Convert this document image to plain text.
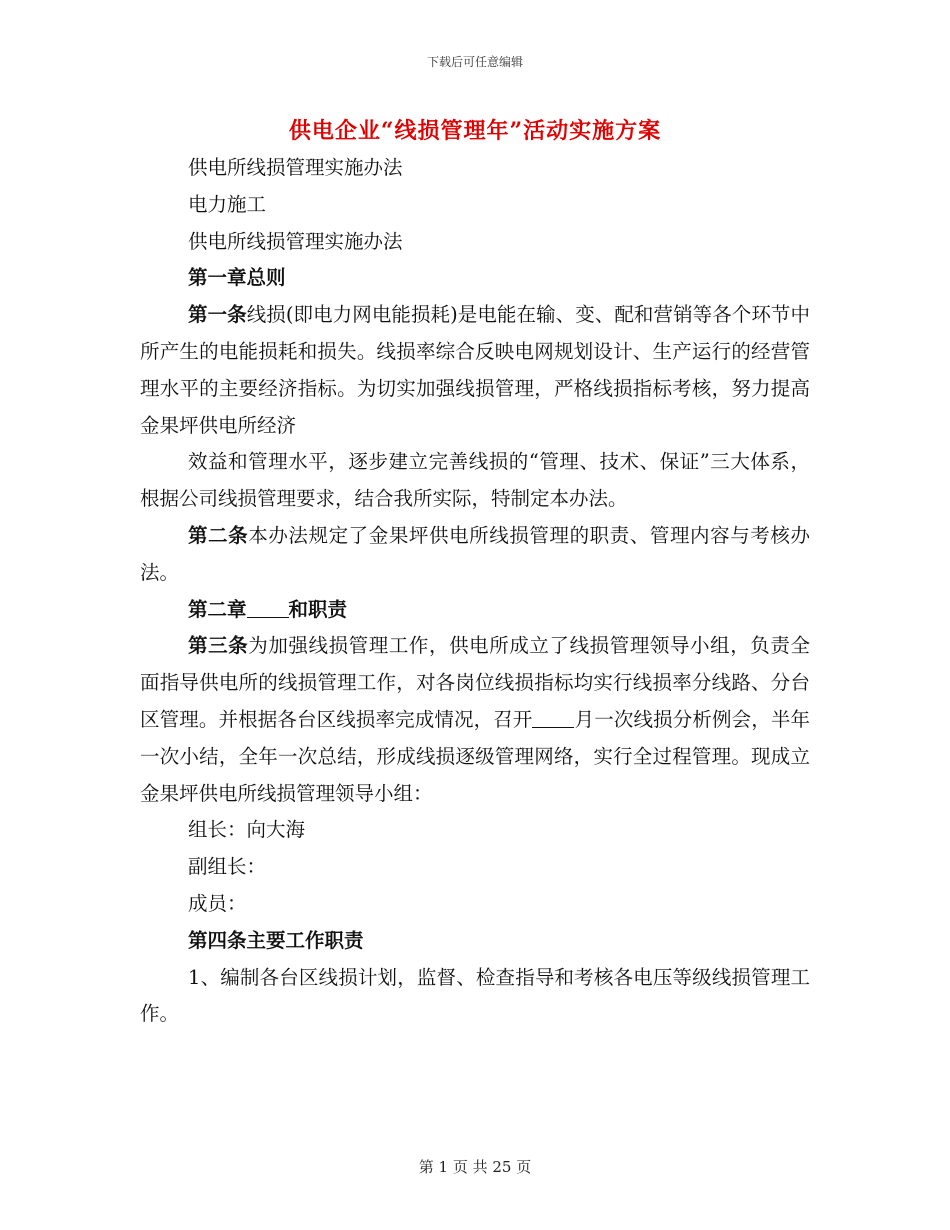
下载后可任意编辑
供电企业“线损管理年”活动实施方案

供电所线损管理实施办法

电力施工

供电所线损管理实施办法

第一章总则

第一条线损(即电力网电能损耗)是电能在输、变、配和营销等各个环节中所产生的电能损耗和损失。线损率综合反映电网规划设计、生产运行的经营管理水平的主要经济指标。为切实加强线损管理，严格线损指标考核，努力提高金果坪供电所经济

效益和管理水平，逐步建立完善线损的“管理、技术、保证”三大体系，根据公司线损管理要求，结合我所实际，特制定本办法。

第二条本办法规定了金果坪供电所线损管理的职责、管理内容与考核办法。

第二章 和职责

第三条为加强线损管理工作，供电所成立了线损管理领导小组，负责全面指导供电所的线损管理工作，对各岗位线损指标均实行线损率分线路、分台区管理。并根据各台区线损率完成情况，召开 月一次线损分析例会，半年一次小结，全年一次总结，形成线损逐级管理网络，实行全过程管理。现成立金果坪供电所线损管理领导小组：

组长：向大海

副组长：

成员：

第四条主要工作职责

1、编制各台区线损计划，监督、检查指导和考核各电压等级线损管理工作。

第 1 页 共 25 页
